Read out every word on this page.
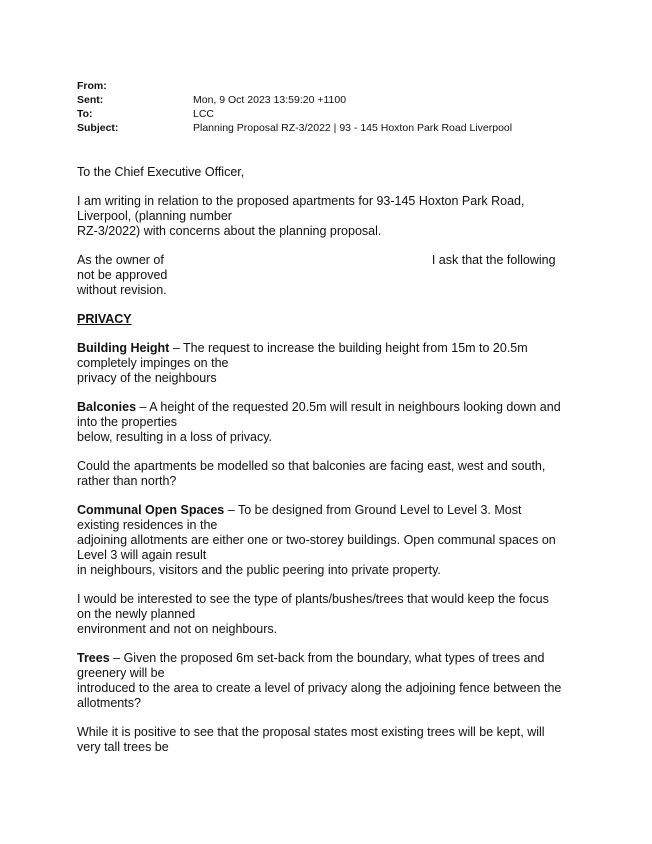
From:
Sent:	Mon, 9 Oct 2023 13:59:20 +1100
To:	LCC
Subject:	Planning Proposal RZ-3/2022 | 93 - 145 Hoxton Park Road Liverpool

To the Chief Executive Officer,

I am writing in relation to the proposed apartments for 93-145 Hoxton Park Road,
Liverpool, (planning number
RZ-3/2022) with concerns about the planning proposal.

As the owner of	I ask that the following
not be approved
without revision.

PRIVACY

Building Height – The request to increase the building height from 15m to 20.5m
completely impinges on the
privacy of the neighbours

Balconies – A height of the requested 20.5m will result in neighbours looking down and
into the properties
below, resulting in a loss of privacy.

Could the apartments be modelled so that balconies are facing east, west and south,
rather than north?

Communal Open Spaces – To be designed from Ground Level to Level 3. Most
existing residences in the
adjoining allotments are either one or two-storey buildings. Open communal spaces on
Level 3 will again result
in neighbours, visitors and the public peering into private property.

I would be interested to see the type of plants/bushes/trees that would keep the focus
on the newly planned
environment and not on neighbours.

Trees – Given the proposed 6m set-back from the boundary, what types of trees and
greenery will be
introduced to the area to create a level of privacy along the adjoining fence between the
allotments?

While it is positive to see that the proposal states most existing trees will be kept, will
very tall trees be
